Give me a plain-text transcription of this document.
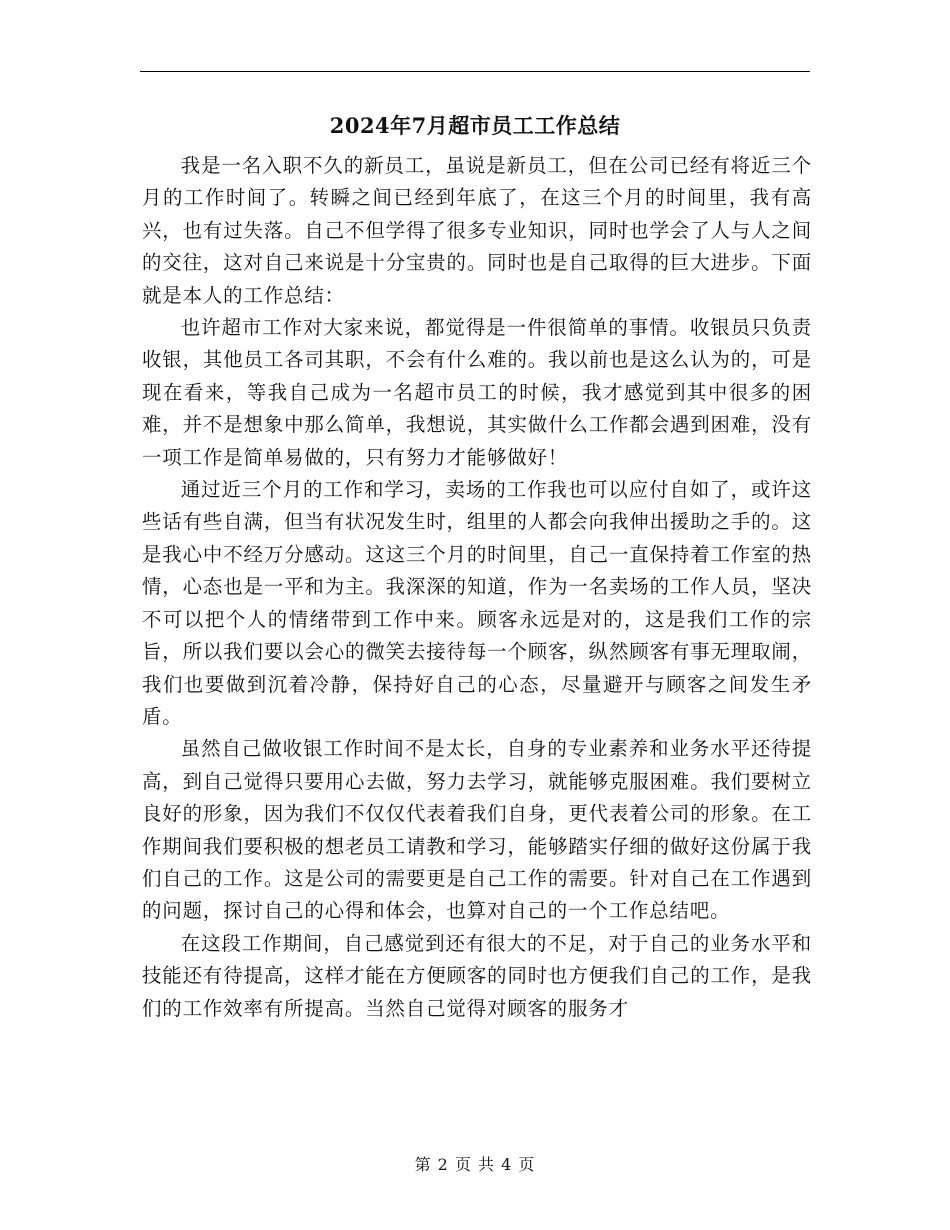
2024年7月超市员工工作总结

我是一名入职不久的新员工，虽说是新员工，但在公司已经有将近三个月的工作时间了。转瞬之间已经到年底了，在这三个月的时间里，我有高兴，也有过失落。自己不但学得了很多专业知识，同时也学会了人与人之间的交往，这对自己来说是十分宝贵的。同时也是自己取得的巨大进步。下面就是本人的工作总结：

也许超市工作对大家来说，都觉得是一件很简单的事情。收银员只负责收银，其他员工各司其职，不会有什么难的。我以前也是这么认为的，可是现在看来，等我自己成为一名超市员工的时候，我才感觉到其中很多的困难，并不是想象中那么简单，我想说，其实做什么工作都会遇到困难，没有一项工作是简单易做的，只有努力才能够做好！

通过近三个月的工作和学习，卖场的工作我也可以应付自如了，或许这些话有些自满，但当有状况发生时，组里的人都会向我伸出援助之手的。这是我心中不经万分感动。这这三个月的时间里，自己一直保持着工作室的热情，心态也是一平和为主。我深深的知道，作为一名卖场的工作人员，坚决不可以把个人的情绪带到工作中来。顾客永远是对的，这是我们工作的宗旨，所以我们要以会心的微笑去接待每一个顾客，纵然顾客有事无理取闹，我们也要做到沉着冷静，保持好自己的心态，尽量避开与顾客之间发生矛盾。

虽然自己做收银工作时间不是太长，自身的专业素养和业务水平还待提高，到自己觉得只要用心去做，努力去学习，就能够克服困难。我们要树立良好的形象，因为我们不仅仅代表着我们自身，更代表着公司的形象。在工作期间我们要积极的想老员工请教和学习，能够踏实仔细的做好这份属于我们自己的工作。这是公司的需要更是自己工作的需要。针对自己在工作遇到的问题，探讨自己的心得和体会，也算对自己的一个工作总结吧。

在这段工作期间，自己感觉到还有很大的不足，对于自己的业务水平和技能还有待提高，这样才能在方便顾客的同时也方便我们自己的工作，是我们的工作效率有所提高。当然自己觉得对顾客的服务才

第 2 页 共 4 页
